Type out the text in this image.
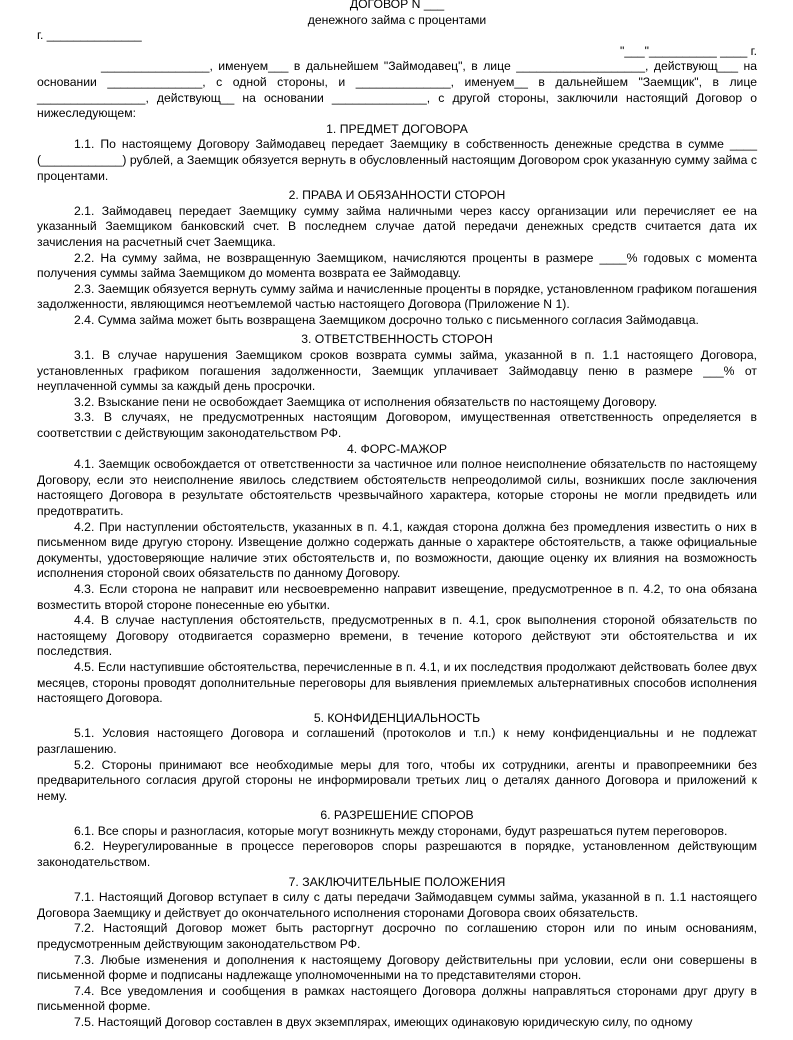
ДОГОВОР N ___
денежного займа с процентами
г. ______________
"___"__________ ____ г.

________________, именуем___ в дальнейшем "Займодавец", в лице ___________________, действующ___ на основании ______________, с одной стороны, и ______________, именуем__ в дальнейшем "Заемщик", в лице ________________, действующ__ на основании ______________, с другой стороны, заключили настоящий Договор о нижеследующем:

1. ПРЕДМЕТ ДОГОВОРА

1.1. По настоящему Договору Займодавец передает Заемщику в собственность денежные средства в сумме ____ (____________) рублей, а Заемщик обязуется вернуть в обусловленный настоящим Договором срок указанную сумму займа с процентами.

2. ПРАВА И ОБЯЗАННОСТИ СТОРОН

2.1. Займодавец передает Заемщику сумму займа наличными через кассу организации или перечисляет ее на указанный Заемщиком банковский счет. В последнем случае датой передачи денежных средств считается дата их зачисления на расчетный счет Заемщика.

2.2. На сумму займа, не возвращенную Заемщиком, начисляются проценты в размере ____% годовых с момента получения суммы займа Заемщиком до момента возврата ее Займодавцу.

2.3. Заемщик обязуется вернуть сумму займа и начисленные проценты в порядке, установленном графиком погашения задолженности, являющимся неотъемлемой частью настоящего Договора (Приложение N 1).

2.4. Сумма займа может быть возвращена Заемщиком досрочно только с письменного согласия Займодавца.

3. ОТВЕТСТВЕННОСТЬ СТОРОН

3.1. В случае нарушения Заемщиком сроков возврата суммы займа, указанной в п. 1.1 настоящего Договора, установленных графиком погашения задолженности, Заемщик уплачивает Займодавцу пеню в размере ___% от неуплаченной суммы за каждый день просрочки.

3.2. Взыскание пени не освобождает Заемщика от исполнения обязательств по настоящему Договору.

3.3. В случаях, не предусмотренных настоящим Договором, имущественная ответственность определяется в соответствии с действующим законодательством РФ.

4. ФОРС-МАЖОР

4.1. Заемщик освобождается от ответственности за частичное или полное неисполнение обязательств по настоящему Договору, если это неисполнение явилось следствием обстоятельств непреодолимой силы, возникших после заключения настоящего Договора в результате обстоятельств чрезвычайного характера, которые стороны не могли предвидеть или предотвратить.

4.2. При наступлении обстоятельств, указанных в п. 4.1, каждая сторона должна без промедления известить о них в письменном виде другую сторону. Извещение должно содержать данные о характере обстоятельств, а также официальные документы, удостоверяющие наличие этих обстоятельств и, по возможности, дающие оценку их влияния на возможность исполнения стороной своих обязательств по данному Договору.

4.3. Если сторона не направит или несвоевременно направит извещение, предусмотренное в п. 4.2, то она обязана возместить второй стороне понесенные ею убытки.

4.4. В случае наступления обстоятельств, предусмотренных в п. 4.1, срок выполнения стороной обязательств по настоящему Договору отодвигается соразмерно времени, в течение которого действуют эти обстоятельства и их последствия.

4.5. Если наступившие обстоятельства, перечисленные в п. 4.1, и их последствия продолжают действовать более двух месяцев, стороны проводят дополнительные переговоры для выявления приемлемых альтернативных способов исполнения настоящего Договора.

5. КОНФИДЕНЦИАЛЬНОСТЬ

5.1. Условия настоящего Договора и соглашений (протоколов и т.п.) к нему конфиденциальны и не подлежат разглашению.

5.2. Стороны принимают все необходимые меры для того, чтобы их сотрудники, агенты и правопреемники без предварительного согласия другой стороны не информировали третьих лиц о деталях данного Договора и приложений к нему.

6. РАЗРЕШЕНИЕ СПОРОВ

6.1. Все споры и разногласия, которые могут возникнуть между сторонами, будут разрешаться путем переговоров.

6.2. Неурегулированные в процессе переговоров споры разрешаются в порядке, установленном действующим законодательством.

7. ЗАКЛЮЧИТЕЛЬНЫЕ ПОЛОЖЕНИЯ

7.1. Настоящий Договор вступает в силу с даты передачи Займодавцем суммы займа, указанной в п. 1.1 настоящего Договора Заемщику и действует до окончательного исполнения сторонами Договора своих обязательств.

7.2. Настоящий Договор может быть расторгнут досрочно по соглашению сторон или по иным основаниям, предусмотренным действующим законодательством РФ.

7.3. Любые изменения и дополнения к настоящему Договору действительны при условии, если они совершены в письменной форме и подписаны надлежаще уполномоченными на то представителями сторон.

7.4. Все уведомления и сообщения в рамках настоящего Договора должны направляться сторонами друг другу в письменной форме.

7.5. Настоящий Договор составлен в двух экземплярах, имеющих одинаковую юридическую силу, по одному
